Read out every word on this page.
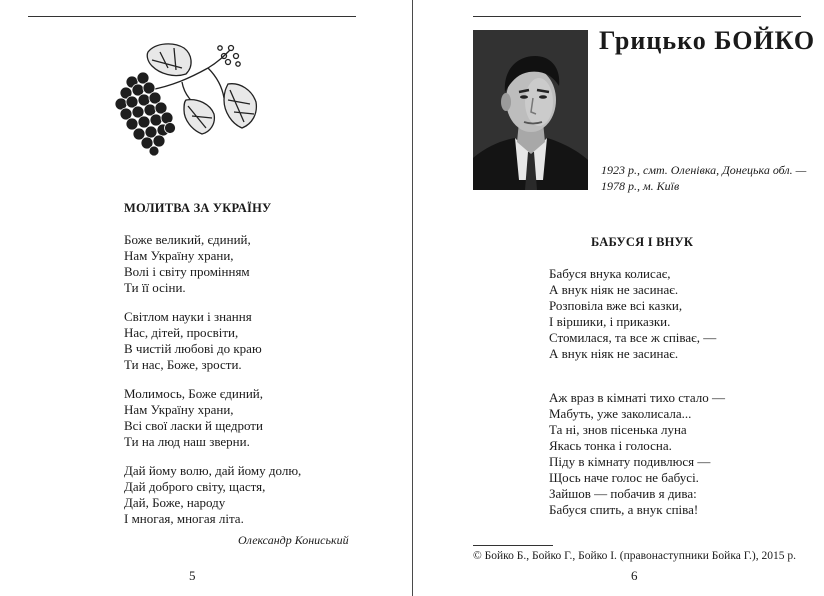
МОЛИТВА ЗА УКРАЇНУ
Боже великий, єдиний,
Нам Україну храни,
Волі і світу промінням
Ти її осіни.
Світлом науки і знання
Нас, дітей, просвіти,
В чистій любові до краю
Ти нас, Боже, зрости.
Молимось, Боже єдиний,
Нам Україну храни,
Всі свої ласки й щедроти
Ти на люд наш зверни.
Дай йому волю, дай йому долю,
Дай доброго світу, щастя,
Дай, Боже, народу
І многая, многая літа.
Олександр Кониський
5
Грицько БОЙКО
1923 р., смт. Оленівка, Донецька обл. —
1978 р., м. Київ
БАБУСЯ І ВНУК
Бабуся внука колисає,
А внук ніяк не засинає.
Розповіла вже всі казки,
І віршики, і приказки.
Стомилася, та все ж співає, —
А внук ніяк не засинає.
Аж враз в кімнаті тихо стало —
Мабуть, уже заколисала...
Та ні, знов пісенька луна
Якась тонка і голосна.
Піду в кімнату подивлюся —
Щось наче голос не бабусі.
Зайшов — побачив я дива:
Бабуся спить, а внук співа!
© Бойко Б., Бойко Г., Бойко І. (правонаступники Бойка Г.), 2015 р.
6
